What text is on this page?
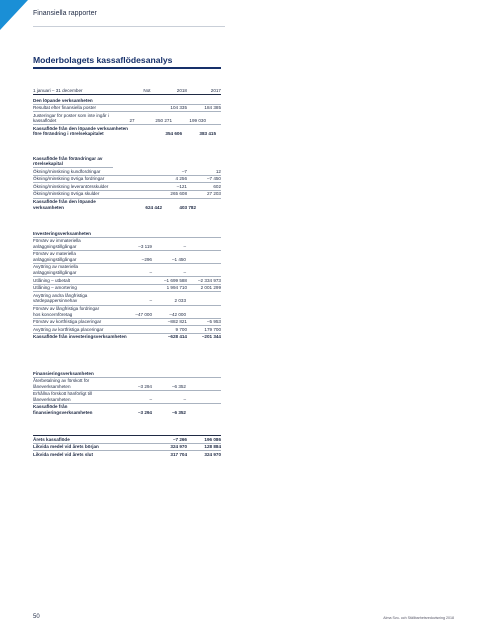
Finansiella rapporter
Moderbolagets kassaflödesanalys
1 januari – 31 december	Not	2018	2017
Den löpande verksamheten
Resultat efter finansiella poster	104 335	184 385
Justeringar för poster som inte ingår i kassaflödet	27	250 271	199 030
Kassaflöde från den löpande verksamheten före förändring i rörelsekapitalet	354 606	383 415
Kassaflöde från förändringar av rörelsekapital
Ökning/minskning kundfordringar	–7	12
Ökning/minskning övriga fordringar	4 256	–7 450
Ökning/minskning leverantörsskulder	–121	602
Ökning/minskning övriga skulder	265 608	27 203
Kassaflöde från den löpande verksamheten	624 442	403 782
Investeringsverksamheten
Förvärv av immateriella anläggningstillgångar	–3 119	–
Förvärv av materiella anläggningstillgångar	–296	–1 450
Avyttring av materiella anläggningstillgångar	–	–
Utlåning – utbetalt	–1 699 588	–2 334 973
Utlåning – amortering	1 994 710	2 001 299
Avyttring andra långfristiga värdepappersinnehav	–	2 033
Förvärv av långfristiga fordringar hos koncernföretag	–47 000	–42 000
Förvärv av kortfristiga placeringar	–882 821	–5 953
Avyttring av kortfristiga placeringar	9 700	179 700
Kassaflöde från investeringsverksamheten	–628 414	–201 344
Finansieringsverksamheten
Återbetalning av förskott för låneverksamheten	–3 294	–6 352
Erhållna förskott hänförligt till låneverksamheten	–	–
Kassaflöde från finansieringsverksamheten	–3 294	–6 352
Årets kassaflöde	–7 266	196 086
Likvida medel vid årets början	324 970	128 884
Likvida medel vid årets slut	317 704	324 970
50	Alma Svo- och Ställbarhetsredovisning 2018
